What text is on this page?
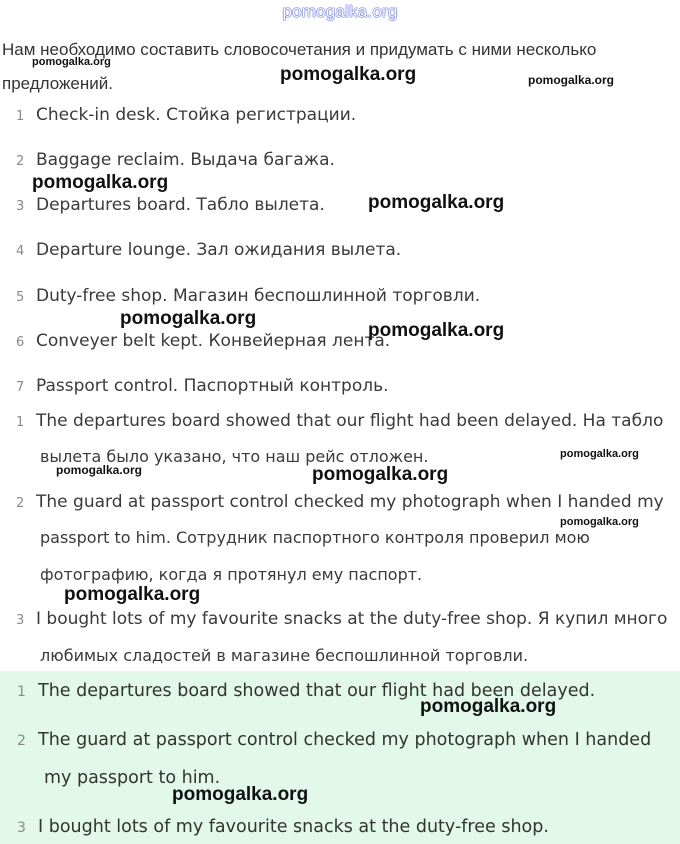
pomogalka.org
Нам необходимо составить словосочетания и придумать с ними несколько предложений.
1 Check-in desk. Стойка регистрации.
2 Baggage reclaim. Выдача багажа.
3 Departures board. Табло вылета.
4 Departure lounge. Зал ожидания вылета.
5 Duty-free shop. Магазин беспошлинной торговли.
6 Conveyer belt kept. Конвейерная лента.
7 Passport control. Паспортный контроль.
1 The departures board showed that our flight had been delayed. На табло
вылета было указано, что наш рейс отложен.
2 The guard at passport control checked my photograph when I handed my
passport to him. Сотрудник паспортного контроля проверил мою
фотографию, когда я протянул ему паспорт.
3 I bought lots of my favourite snacks at the duty-free shop. Я купил много
любимых сладостей в магазине беспошлинной торговли.
1 The departures board showed that our flight had been delayed.
2 The guard at passport control checked my photograph when I handed
my passport to him.
3 I bought lots of my favourite snacks at the duty-free shop.
pomogalka.org
pomogalka.org	pomogalka.org
pomogalka.org
pomogalka.org
pomogalka.org
pomogalka.org
pomogalka.org
pomogalka.org	pomogalka.org
pomogalka.org
pomogalka.org
pomogalka.org
pomogalka.org
